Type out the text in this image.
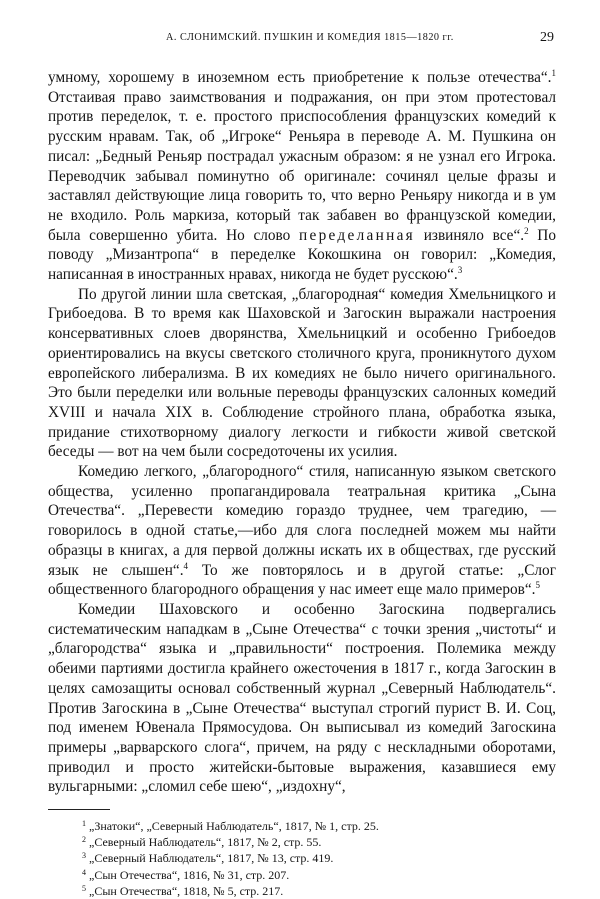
А. СЛОНИМСКИЙ. ПУШКИН И КОМЕДИЯ 1815—1820 гг.	29

умному, хорошему в иноземном есть приобретение к пользе отечества“.$^1$ Отстаивая право заимствования и подражания, он при этом протестовал против переделок, т. е. простого приспособления французских комедий к русским нравам. Так, об „Игроке“ Реньяра в переводе А. М. Пушкина он писал: „Бедный Реньяр пострадал ужасным образом: я не узнал его Игрока. Переводчик забывал поминутно об оригинале: сочинял целые фразы и заставлял действующие лица говорить то, что верно Реньяру никогда и в ум не входило. Роль маркиза, который так забавен во французской комедии, была совершенно убита. Но слово переделанная извиняло все“.$^2$ По поводу „Мизантропа“ в переделке Кокошкина он говорил: „Комедия, написанная в иностранных нравах, никогда не будет русскою“.$^3$

По другой линии шла светская, „благородная“ комедия Хмельницкого и Грибоедова. В то время как Шаховской и Загоскин выражали настроения консервативных слоев дворянства, Хмельницкий и особенно Грибоедов ориентировались на вкусы светского столичного круга, проникнутого духом европейского либерализма. В их комедиях не было ничего оригинального. Это были переделки или вольные переводы французских салонных комедий XVIII и начала XIX в. Соблюдение стройного плана, обработка языка, придание стихотворному диалогу легкости и гибкости живой светской беседы — вот на чем были сосредоточены их усилия.

Комедию легкого, „благородного“ стиля, написанную языком светского общества, усиленно пропагандировала театральная критика „Сына Отечества“. „Перевести комедию гораздо труднее, чем трагедию, — говорилось в одной статье,—ибо для слога последней можем мы найти образцы в книгах, а для первой должны искать их в обществах, где русский язык не слышен“.$^4$ То же повторялось и в другой статье: „Слог общественного благородного обращения у нас имеет еще мало примеров“.$^5$

Комедии Шаховского и особенно Загоскина подвергались систематическим нападкам в „Сыне Отечества“ с точки зрения „чистоты“ и „благородства“ языка и „правильности“ построения. Полемика между обеими партиями достигла крайнего ожесточения в 1817 г., когда Загоскин в целях самозащиты основал собственный журнал „Северный Наблюдатель“. Против Загоскина в „Сыне Отечества“ выступал строгий пурист В. И. Соц, под именем Ювенала Прямосудова. Он выписывал из комедий Загоскина примеры „варварского слога“, причем, на ряду с нескладными оборотами, приводил и просто житейски-бытовые выражения, казавшиеся ему вульгарными: „сломил себе шею“, „издохну“,

$^1$ „Знатоки“, „Северный Наблюдатель“, 1817, № 1, стр. 25.
$^2$ „Северный Наблюдатель“, 1817, № 2, стр. 55.
$^3$ „Северный Наблюдатель“, 1817, № 13, стр. 419.
$^4$ „Сын Отечества“, 1816, № 31, стр. 207.
$^5$ „Сын Отечества“, 1818, № 5, стр. 217.
